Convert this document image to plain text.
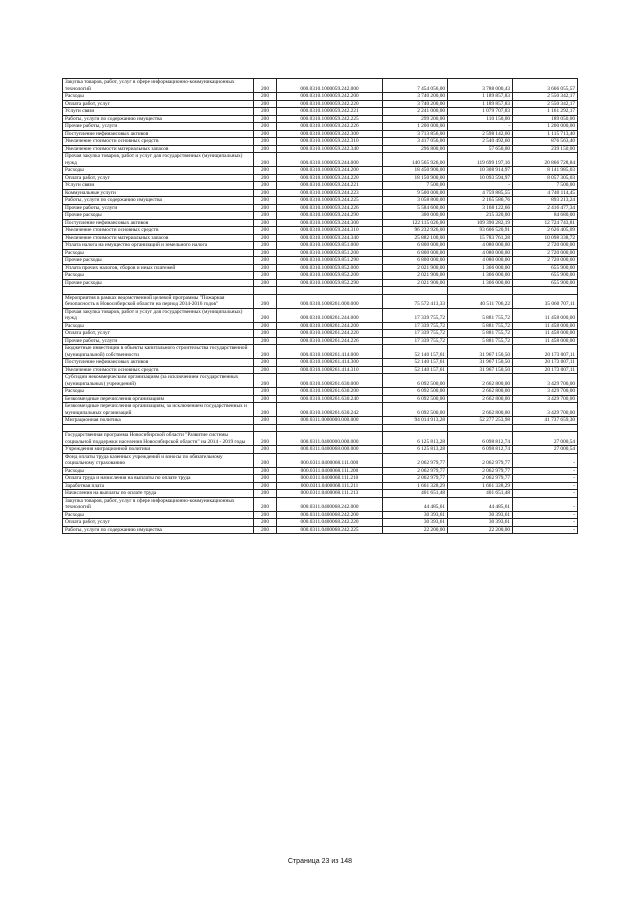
Закупка товаров, работ, услуг в сфере информационно-коммуникационных технологий	200	000.0310.1000059.242.000	7 454 056,00	3 788 000,43	3 666 055,57
Расходы	200	000.0310.1000059.242.200	3 740 200,00	1 189 857,83	2 550 342,17
Оплата работ, услуг	200	000.0310.1000059.242.220	3 740 200,00	1 189 857,83	2 550 342,17
Услуги связи	200	000.0310.1000059.242.221	2 241 000,00	1 079 707,83	1 161 292,17
Работы, услуги по содержанию имущества	200	000.0310.1000059.242.225	299 200,00	110 150,00	189 050,00
Прочие работы, услуги	200	000.0310.1000059.242.226	1 200 000,00	-	1 200 000,00
Поступление нефинансовых активов	200	000.0310.1000059.242.300	3 713 856,00	2 598 142,60	1 115 713,40
Увеличение стоимости основных средств	200	000.0310.1000059.242.310	3 417 056,00	2 540 492,60	876 563,40
Увеличение стоимости материальных запасов	200	000.0310.1000059.242.340	296 800,00	57 650,00	239 150,00
Прочая закупка товаров, работ и услуг для государственных (муниципальных) нужд	200	000.0310.1000059.244.000	140 565 926,00	119 699 197,16	20 866 728,84
Расходы	200	000.0310.1000059.244.200	18 450 900,00	10 308 914,97	8 141 985,03
Оплата работ, услуг	200	000.0310.1000059.244.220	18 150 900,00	10 093 594,97	8 057 305,03
Услуги связи	200	000.0310.1000059.244.221	7 500,00	-	7 500,00
Коммунальные услуги	200	000.0310.1000059.244.223	9 500 000,00	4 759 885,55	4 740 114,45
Работы, услуги по содержанию имущества	200	000.0310.1000059.244.225	3 058 800,00	2 165 586,76	893 213,24
Прочие работы, услуги	200	000.0310.1000059.244.226	5 584 600,00	3 168 122,66	2 416 477,34
Прочие расходы	200	000.0310.1000059.244.290	300 000,00	215 320,00	84 680,00
Поступление нефинансовых активов	200	000.0310.1000059.244.300	122 115 026,00	109 390 282,19	12 724 743,81
Увеличение стоимости основных средств	200	000.0310.1000059.244.310	96 232 926,00	93 606 520,91	2 626 405,09
Увеличение стоимости материальных запасов	200	000.0310.1000059.244.340	25 882 100,00	15 783 761,28	10 098 338,72
Уплата налога на имущество организаций и земельного налога	200	000.0310.1000059.851.000	6 800 000,00	4 080 000,00	2 720 000,00
Расходы	200	000.0310.1000059.851.200	6 800 000,00	4 080 000,00	2 720 000,00
Прочие расходы	200	000.0310.1000059.851.290	6 800 000,00	4 080 000,00	2 720 000,00
Уплата прочих налогов, сборов и иных платежей	200	000.0310.1000059.852.000	2 021 900,00	1 366 000,00	655 900,00
Расходы	200	000.0310.1000059.852.200	2 021 900,00	1 366 000,00	655 900,00
Прочие расходы	200	000.0310.1000059.852.290	2 021 900,00	1 366 000,00	655 900,00

Мероприятия в рамках ведомственной целевой программы "Пожарная безопасность в Новосибирской области на период 2014-2016 годов"	200	000.0310.1008261.000.000	75 572 413,33	40 511 706,22	35 060 707,11
Прочая закупка товаров, работ и услуг для государственных (муниципальных) нужд	200	000.0310.1008261.244.000	17 339 755,72	5 881 755,72	11 458 000,00
Расходы	200	000.0310.1008261.244.200	17 339 755,72	5 881 755,72	11 458 000,00
Оплата работ, услуг	200	000.0310.1008261.244.220	17 339 755,72	5 881 755,72	11 458 000,00
Прочие работы, услуги	200	000.0310.1008261.244.226	17 339 755,72	5 881 755,72	11 458 000,00
Бюджетные инвестиции в объекты капитального строительства государственной (муниципальной) собственности	200	000.0310.1008261.414.000	52 140 157,61	31 967 150,50	20 173 007,11
Поступление нефинансовых активов	200	000.0310.1008261.414.300	52 140 157,61	31 967 150,50	20 173 007,11
Увеличение стоимости основных средств	200	000.0310.1008261.414.310	52 140 157,61	31 967 150,50	20 173 007,11
Субсидии некоммерческим организациям (за исключением государственных (муниципальных) учреждений)	200	000.0310.1008261.630.000	6 092 500,00	2 662 800,00	3 429 700,00
Расходы	200	000.0310.1008261.630.200	6 092 500,00	2 662 800,00	3 429 700,00
Безвозмездные перечисления организациям	200	000.0310.1008261.630.240	6 092 500,00	2 662 800,00	3 429 700,00
Безвозмездные перечисления организациям, за исключением государственных и муниципальных организаций	200	000.0310.1008261.630.242	6 092 500,00	2 662 800,00	3 429 700,00
Миграционная политика	200	000.0311.0000000.000.000	94 014 913,28	52 277 253,98	41 737 659,30

Государственная программа Новосибирской области "Развитие системы социальной поддержки населения Новосибирской области" на 2014 - 2019 годы	200	000.0311.0400000.000.000	6 125 813,28	6 098 812,74	27 000,54
Учреждения миграционной политики	200	000.0311.0400068.000.000	6 125 813,28	6 098 812,74	27 000,54
Фонд оплаты труда казенных учреждений и взносы по обязательному социальному страхованию	200	000.0311.0400068.111.000	2 062 979,77	2 062 979,77	-
Расходы	200	000.0311.0400068.111.200	2 062 979,77	2 062 979,77	-
Оплата труда и начисления на выплаты по оплате труда	200	000.0311.0400068.111.210	2 062 979,77	2 062 979,77	-
Заработная плата	200	000.0311.0400068.111.211	1 661 328,29	1 661 328,29	-
Начисления на выплаты по оплате труда	200	000.0311.0400068.111.213	401 651,48	401 651,48	-
Закупка товаров, работ, услуг в сфере информационно-коммуникационных технологий	200	000.0311.0400068.242.000	44 485,61	44 485,61	-
Расходы	200	000.0311.0400068.242.200	30 393,61	30 393,61	-
Оплата работ, услуг	200	000.0311.0400068.242.220	30 393,61	30 393,61	-
Работы, услуги по содержанию имущества	200	000.0311.0400068.242.225	22 200,00	22 200,00	-
Страница 23 из 148
